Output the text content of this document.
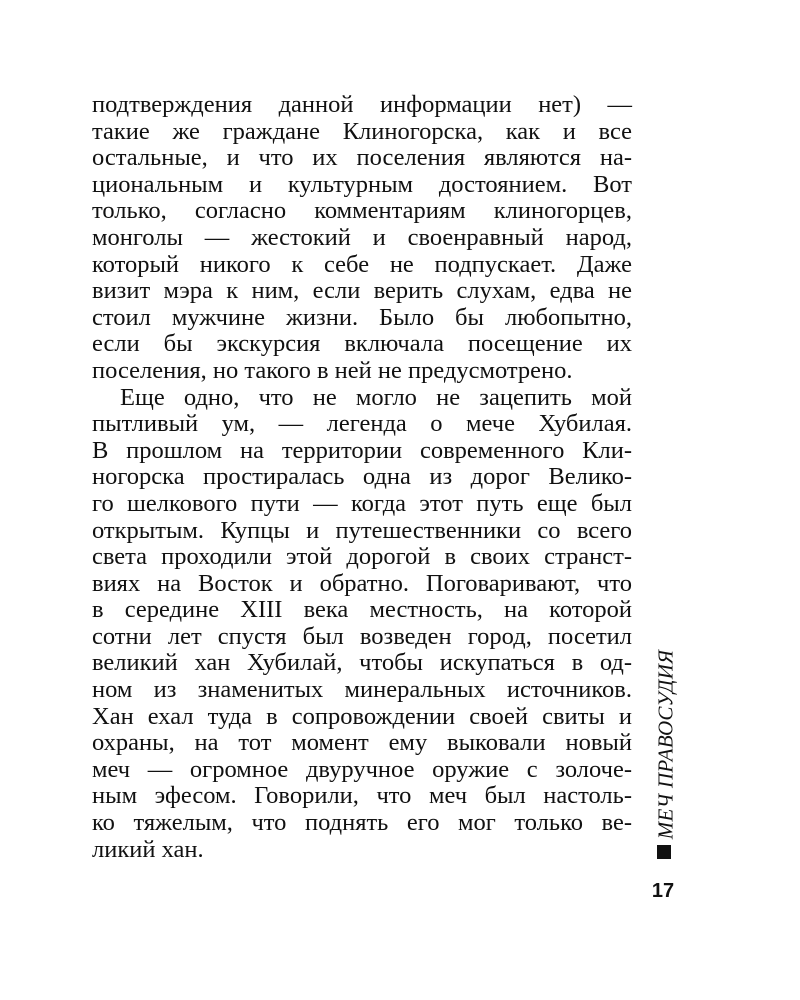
подтверждения данной информации нет) —
такие же граждане Клиногорска, как и все
остальные, и что их поселения являются на-
циональным и культурным достоянием. Вот
только, согласно комментариям клиногорцев,
монголы — жестокий и своенравный народ,
который никого к себе не подпускает. Даже
визит мэра к ним, если верить слухам, едва не
стоил мужчине жизни. Было бы любопытно,
если бы экскурсия включала посещение их
поселения, но такого в ней не предусмотрено.
Еще одно, что не могло не зацепить мой
пытливый ум, — легенда о мече Хубилая.
В прошлом на территории современного Кли-
ногорска простиралась одна из дорог Велико-
го шелкового пути — когда этот путь еще был
открытым. Купцы и путешественники со всего
света проходили этой дорогой в своих странст-
виях на Восток и обратно. Поговаривают, что
в середине XIII века местность, на которой
сотни лет спустя был возведен город, посетил
великий хан Хубилай, чтобы искупаться в од-
ном из знаменитых минеральных источников.
Хан ехал туда в сопровождении своей свиты и
охраны, на тот момент ему выковали новый
меч — огромное двуручное оружие с золоче-
ным эфесом. Говорили, что меч был настоль-
ко тяжелым, что поднять его мог только ве-
ликий хан.
МЕЧ ПРАВОСУДИЯ
17
